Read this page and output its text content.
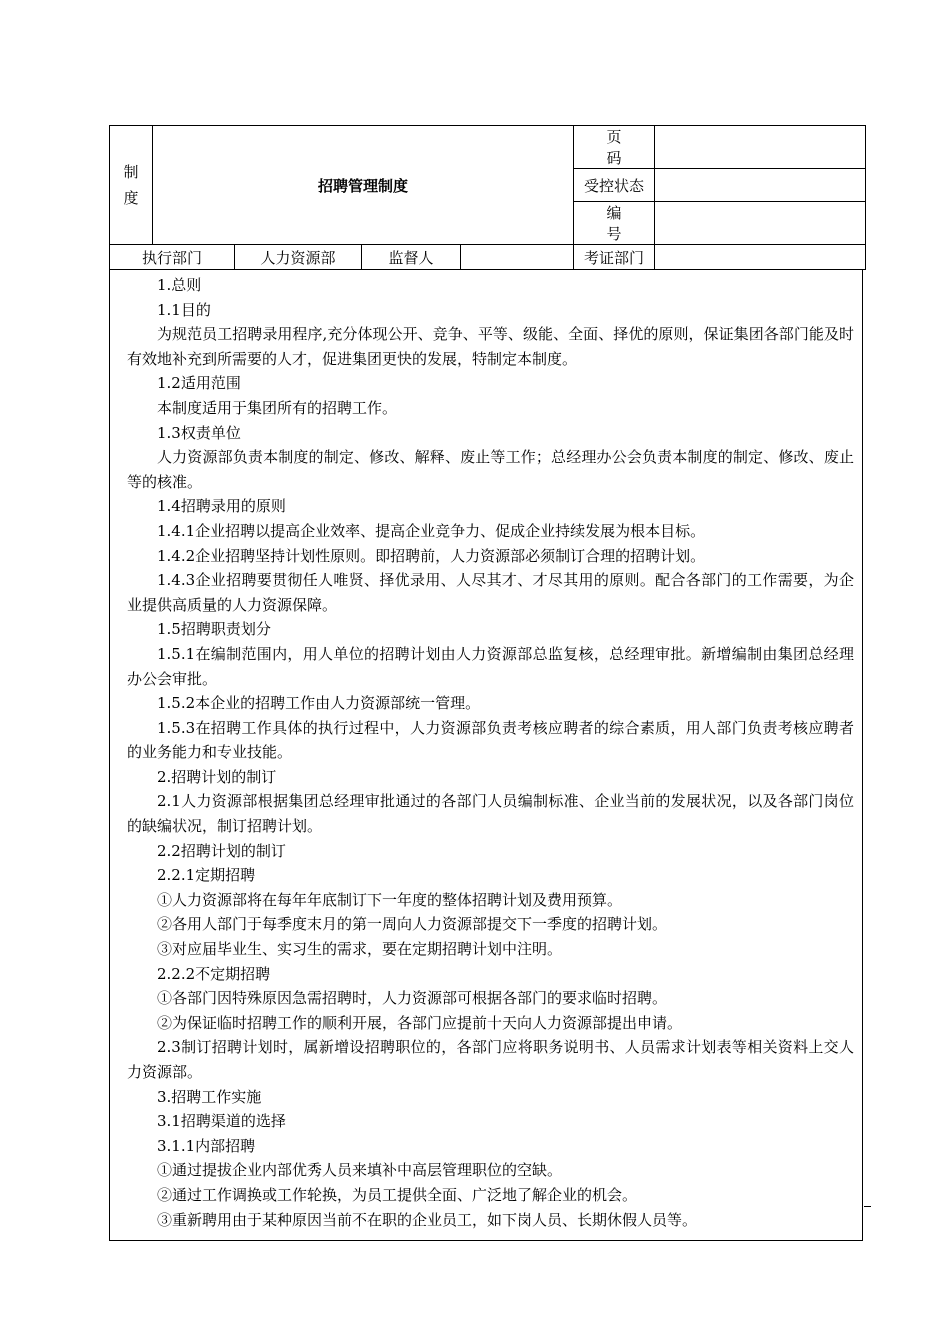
制
度	招聘管理制度				页　码	
					受控状态	
					编　号	
执行部门		人力资源部	监督人		考证部门	

1.总则

1.1目的

为规范员工招聘录用程序,充分体现公开、竞争、平等、级能、全面、择优的原则，保证集团各部门能及时有效地补充到所需要的人才，促进集团更快的发展，特制定本制度。

1.2适用范围

本制度适用于集团所有的招聘工作。

1.3权责单位

人力资源部负责本制度的制定、修改、解释、废止等工作；总经理办公会负责本制度的制定、修改、废止等的核准。

1.4招聘录用的原则

1.4.1企业招聘以提高企业效率、提高企业竞争力、促成企业持续发展为根本目标。

1.4.2企业招聘坚持计划性原则。即招聘前，人力资源部必须制订合理的招聘计划。

1.4.3企业招聘要贯彻任人唯贤、择优录用、人尽其才、才尽其用的原则。配合各部门的工作需要，为企业提供高质量的人力资源保障。

1.5招聘职责划分

1.5.1在编制范围内，用人单位的招聘计划由人力资源部总监复核，总经理审批。新增编制由集团总经理办公会审批。

1.5.2本企业的招聘工作由人力资源部统一管理。

1.5.3在招聘工作具体的执行过程中，人力资源部负责考核应聘者的综合素质，用人部门负责考核应聘者的业务能力和专业技能。

2.招聘计划的制订

2.1人力资源部根据集团总经理审批通过的各部门人员编制标准、企业当前的发展状况，以及各部门岗位的缺编状况，制订招聘计划。

2.2招聘计划的制订

2.2.1定期招聘

①人力资源部将在每年年底制订下一年度的整体招聘计划及费用预算。

②各用人部门于每季度末月的第一周向人力资源部提交下一季度的招聘计划。

③对应届毕业生、实习生的需求，要在定期招聘计划中注明。

2.2.2不定期招聘

①各部门因特殊原因急需招聘时，人力资源部可根据各部门的要求临时招聘。

②为保证临时招聘工作的顺利开展，各部门应提前十天向人力资源部提出申请。

2.3制订招聘计划时，属新增设招聘职位的，各部门应将职务说明书、人员需求计划表等相关资料上交人力资源部。

3.招聘工作实施

3.1招聘渠道的选择

3.1.1内部招聘

①通过提拔企业内部优秀人员来填补中高层管理职位的空缺。

②通过工作调换或工作轮换，为员工提供全面、广泛地了解企业的机会。

③重新聘用由于某种原因当前不在职的企业员工，如下岗人员、长期休假人员等。
